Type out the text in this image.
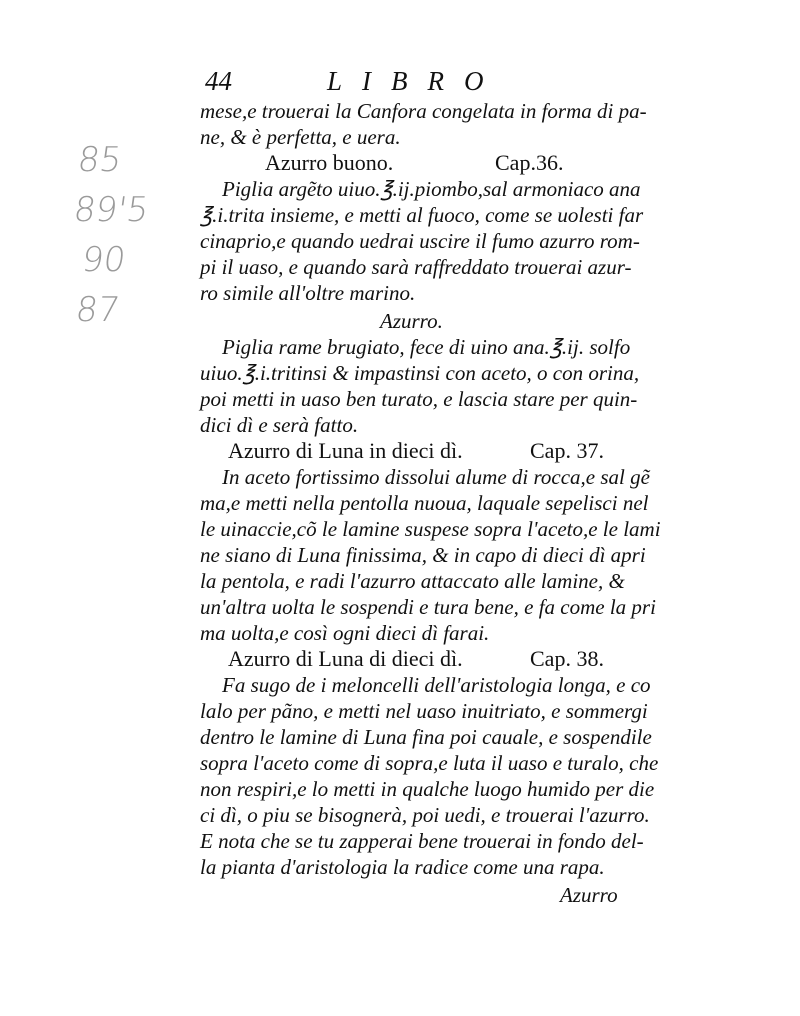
44	LIBRO
85
89'5
90
87
mese,e trouerai la Canfora congelata in forma di pa-
ne, & è perfetta, e uera.
Azurro buono.	Cap.36.
Piglia argẽto uiuo.℥.ij.piombo,sal armoniaco ana
℥.i.trita insieme, e metti al fuoco, come se uolesti far
cinaprio,e quando uedrai uscire il fumo azurro rom-
pi il uaso, e quando sarà raffreddato trouerai azur-
ro simile all'oltre marino.
Azurro.
Piglia rame brugiato, fece di uino ana.℥.ij. solfo
uiuo.℥.i.tritinsi & impastinsi con aceto, o con orina,
poi metti in uaso ben turato, e lascia stare per quin-
dici dì e serà fatto.
Azurro di Luna in dieci dì.	Cap. 37.
In aceto fortissimo dissolui alume di rocca,e sal gẽ
ma,e metti nella pentolla nuoua, laquale sepelisci nel
le uinaccie,cõ le lamine suspese sopra l'aceto,e le lami
ne siano di Luna finissima, & in capo di dieci dì apri
la pentola, e radi l'azurro attaccato alle lamine, &
un'altra uolta le sospendi e tura bene, e fa come la pri
ma uolta,e così ogni dieci dì farai.
Azurro di Luna di dieci dì.	Cap. 38.
Fa sugo de i meloncelli dell'aristologia longa, e co
lalo per pãno, e metti nel uaso inuitriato, e sommergi
dentro le lamine di Luna fina poi cauale, e sospendile
sopra l'aceto come di sopra,e luta il uaso e turalo, che
non respiri,e lo metti in qualche luogo humido per die
ci dì, o piu se bisognerà, poi uedi, e trouerai l'azurro.
E nota che se tu zapperai bene trouerai in fondo del-
la pianta d'aristologia la radice come una rapa.
Azurro
